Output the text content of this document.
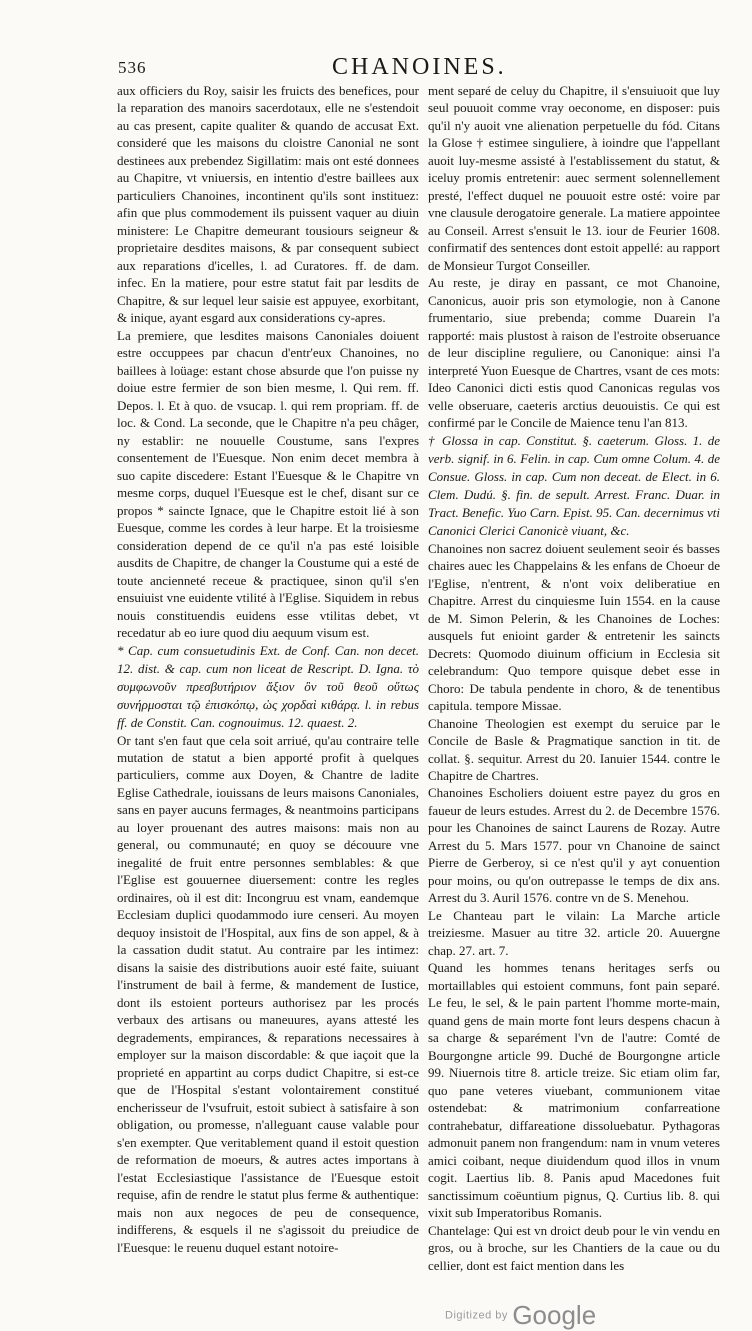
536	CHANOINES.

aux officiers du Roy, saisir les fruicts des benefices, pour la reparation des manoirs sacerdotaux, elle ne s'estendoit au cas present, capite qualiter & quando de accusat Ext. consideré que les maisons du cloistre Canonial ne sont destinees aux prebendez Sigillatim: mais ont esté donnees au Chapitre, vt vniuersis, en intentio d'estre baillees aux particuliers Chanoines, incontinent qu'ils sont instituez: afin que plus commodement ils puissent vaquer au diuin ministere: Le Chapitre demeurant tousiours seigneur & proprietaire desdites maisons, & par consequent subiect aux reparations d'icelles, l. ad Curatores. ff. de dam. infec. En la matiere, pour estre statut fait par lesdits de Chapitre, & sur lequel leur saisie est appuyee, exorbitant, & inique, ayant esgard aux considerations cy-apres.

La premiere, que lesdites maisons Canoniales doiuent estre occuppees par chacun d'entr'eux Chanoines, no baillees à loüage: estant chose absurde que l'on puisse ny doiue estre fermier de son bien mesme, l. Qui rem. ff. Depos. l. Et à quo. de vsucap. l. qui rem propriam. ff. de loc. & Cond. La seconde, que le Chapitre n'a peu châger, ny establir: ne nouuelle Coustume, sans l'expres consentement de l'Euesque. Non enim decet membra à suo capite discedere: Estant l'Euesque & le Chapitre vn mesme corps, duquel l'Euesque est le chef, disant sur ce propos * saincte Ignace, que le Chapitre estoit lié à son Euesque, comme les cordes à leur harpe. Et la troisiesme consideration depend de ce qu'il n'a pas esté loisible ausdits de Chapitre, de changer la Coustume qui a esté de toute ancienneté receue & practiquee, sinon qu'il s'en ensuiuist vne euidente vtilité à l'Eglise. Siquidem in rebus nouis constituendis euidens esse vtilitas debet, vt recedatur ab eo iure quod diu aequum visum est.

* Cap. cum consuetudinis Ext. de Conf. Can. non decet. 12. dist. & cap. cum non liceat de Rescript. D. Igna. τὸ συμφωνοῦν πρεσβυτήριον ἄξιον ὂν τοῦ θεοῦ οὕτως συνήρμοσται τῷ ἐπισκόπῳ, ὡς χορδαὶ κιθάρᾳ. l. in rebus ff. de Constit. Can. cognouimus. 12. quaest. 2.

Or tant s'en faut que cela soit arriué, qu'au contraire telle mutation de statut a bien apporté profit à quelques particuliers, comme aux Doyen, & Chantre de ladite Eglise Cathedrale, iouissans de leurs maisons Canoniales, sans en payer aucuns fermages, & neantmoins participans au loyer prouenant des autres maisons: mais non au general, ou communauté; en quoy se découure vne inegalité de fruit entre personnes semblables: & que l'Eglise est gouuernee diuersement: contre les regles ordinaires, où il est dit: Incongruu est vnam, eandemque Ecclesiam duplici quodammodo iure censeri. Au moyen dequoy insistoit de l'Hospital, aux fins de son appel, & à la cassation dudit statut. Au contraire par les intimez: disans la saisie des distributions auoir esté faite, suiuant l'instrument de bail à ferme, & mandement de Iustice, dont ils estoient porteurs authorisez par les procés verbaux des artisans ou maneuures, ayans attesté les degradements, empirances, & reparations necessaires à employer sur la maison discordable: & que iaçoit que la proprieté en appartint au corps dudict Chapitre, si est-ce que de l'Hospital s'estant volontairement constitué encherisseur de l'vsufruit, estoit subiect à satisfaire à son obligation, ou promesse, n'alleguant cause valable pour s'en exempter. Que veritablement quand il estoit question de reformation de moeurs, & autres actes importans à l'estat Ecclesiastique l'assistance de l'Euesque estoit requise, afin de rendre le statut plus ferme & authentique: mais non aux negoces de peu de consequence, indifferens, & esquels il ne s'agissoit du preiudice de l'Euesque: le reuenu duquel estant notoire-

ment separé de celuy du Chapitre, il s'ensuiuoit que luy seul pouuoit comme vray oeconome, en disposer: puis qu'il n'y auoit vne alienation perpetuelle du fód. Citans la Glose † estimee singuliere, à ioindre que l'appellant auoit luy-mesme assisté à l'establissement du statut, & iceluy promis entretenir: auec serment solennellement presté, l'effect duquel ne pouuoit estre osté: voire par vne clausule derogatoire generale. La matiere appointee au Conseil. Arrest s'ensuit le 13. iour de Feurier 1608. confirmatif des sentences dont estoit appellé: au rapport de Monsieur Turgot Conseiller.

Au reste, je diray en passant, ce mot Chanoine, Canonicus, auoir pris son etymologie, non à Canone frumentario, siue prebenda; comme Duarein l'a rapporté: mais plustost à raison de l'estroite obseruance de leur discipline reguliere, ou Canonique: ainsi l'a interpreté Yuon Euesque de Chartres, vsant de ces mots: Ideo Canonici dicti estis quod Canonicas regulas vos velle obseruare, caeteris arctius deuouistis. Ce qui est confirmé par le Concile de Maience tenu l'an 813.

† Glossa in cap. Constitut. §. caeterum. Gloss. 1. de verb. signif. in 6. Felin. in cap. Cum omne Colum. 4. de Consue. Gloss. in cap. Cum non deceat. de Elect. in 6. Clem. Dudú. §. fin. de sepult. Arrest. Franc. Duar. in Tract. Benefic. Yuo Carn. Epist. 95. Can. decernimus vti Canonici Clerici Canonicè viuant, &c.

Chanoines non sacrez doiuent seulement seoir és basses chaires auec les Chappelains & les enfans de Choeur de l'Eglise, n'entrent, & n'ont voix deliberatiue en Chapitre. Arrest du cinquiesme Iuin 1554. en la cause de M. Simon Pelerin, & les Chanoines de Loches: ausquels fut enioint garder & entretenir les saincts Decrets: Quomodo diuinum officium in Ecclesia sit celebrandum: Quo tempore quisque debet esse in Choro: De tabula pendente in choro, & de tenentibus capitula. tempore Missae.

Chanoine Theologien est exempt du seruice par le Concile de Basle & Pragmatique sanction in tit. de collat. §. sequitur. Arrest du 20. Ianuier 1544. contre le Chapitre de Chartres.

Chanoines Escholiers doiuent estre payez du gros en faueur de leurs estudes. Arrest du 2. de Decembre 1576. pour les Chanoines de sainct Laurens de Rozay. Autre Arrest du 5. Mars 1577. pour vn Chanoine de sainct Pierre de Gerberoy, si ce n'est qu'il y ayt conuention pour moins, ou qu'on outrepasse le temps de dix ans. Arrest du 3. Auril 1576. contre vn de S. Menehou.

Le Chanteau part le vilain: La Marche article treiziesme. Masuer au titre 32. article 20. Auuergne chap. 27. art. 7.

Quand les hommes tenans heritages serfs ou mortaillables qui estoient communs, font pain separé. Le feu, le sel, & le pain partent l'homme morte-main, quand gens de main morte font leurs despens chacun à sa charge & separément l'vn de l'autre: Comté de Bourgongne article 99. Duché de Bourgongne article 99. Niuernois titre 8. article treize. Sic etiam olim far, quo pane veteres viuebant, communionem vitae ostendebat: & matrimonium confarreatione contrahebatur, diffareatione dissoluebatur. Pythagoras admonuit panem non frangendum: nam in vnum veteres amici coibant, neque diuidendum quod illos in vnum cogit. Laertius lib. 8. Panis apud Macedones fuit sanctissimum coëuntium pignus, Q. Curtius lib. 8. qui vixit sub Imperatoribus Romanis.

Chantelage: Qui est vn droict deub pour le vin vendu en gros, ou à broche, sur les Chantiers de la caue ou du cellier, dont est faict mention dans les

Digitized by Google
